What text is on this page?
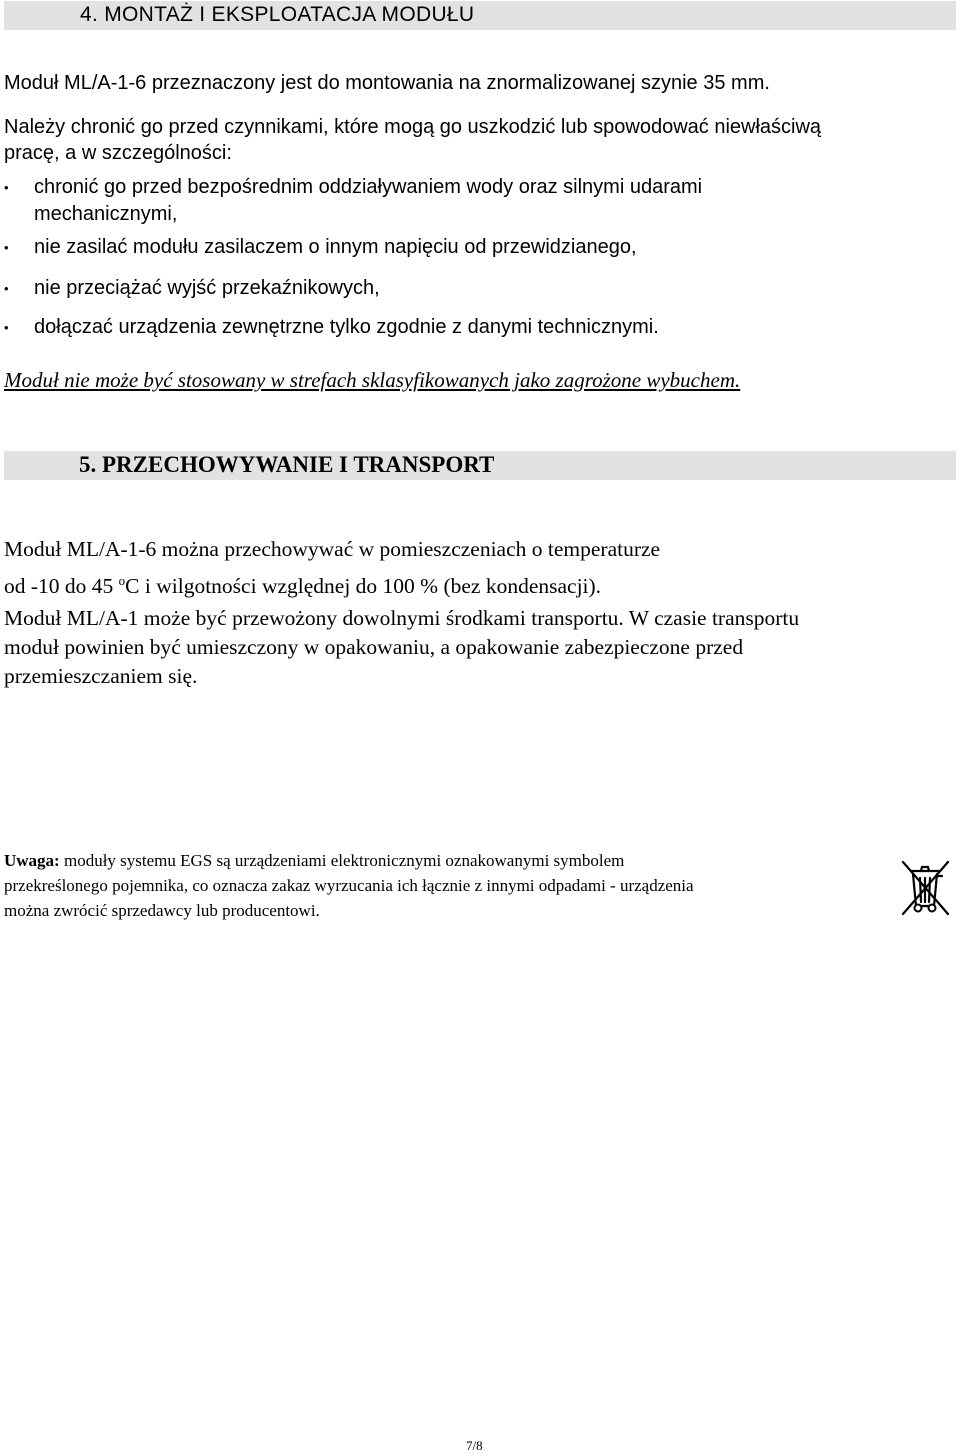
4. MONTAŻ I EKSPLOATACJA MODUŁU
Moduł ML/A-1-6 przeznaczony jest do montowania na znormalizowanej szynie 35 mm.
Należy chronić go przed czynnikami, które mogą go uszkodzić lub spowodować niewłaściwą
pracę, a w szczególności:
• chronić go przed bezpośrednim oddziaływaniem wody oraz silnymi udarami
mechanicznymi,
• nie zasilać modułu zasilaczem o innym napięciu od przewidzianego,
• nie przeciążać wyjść przekaźnikowych,
• dołączać urządzenia zewnętrzne tylko zgodnie z danymi technicznymi.
Moduł nie może być stosowany w strefach sklasyfikowanych jako zagrożone wybuchem.
5. PRZECHOWYWANIE I TRANSPORT
Moduł ML/A-1-6 można przechowywać w pomieszczeniach o temperaturze
od -10 do 45 $^o$C i wilgotności względnej do 100 % (bez kondensacji).
Moduł ML/A-1 może być przewożony dowolnymi środkami transportu. W czasie transportu
moduł powinien być umieszczony w opakowaniu, a opakowanie zabezpieczone przed
przemieszczaniem się.
Uwaga: moduły systemu EGS są urządzeniami elektronicznymi oznakowanymi symbolem
przekreślonego pojemnika, co oznacza zakaz wyrzucania ich łącznie z innymi odpadami - urządzenia
można zwrócić sprzedawcy lub producentowi.
7/8
